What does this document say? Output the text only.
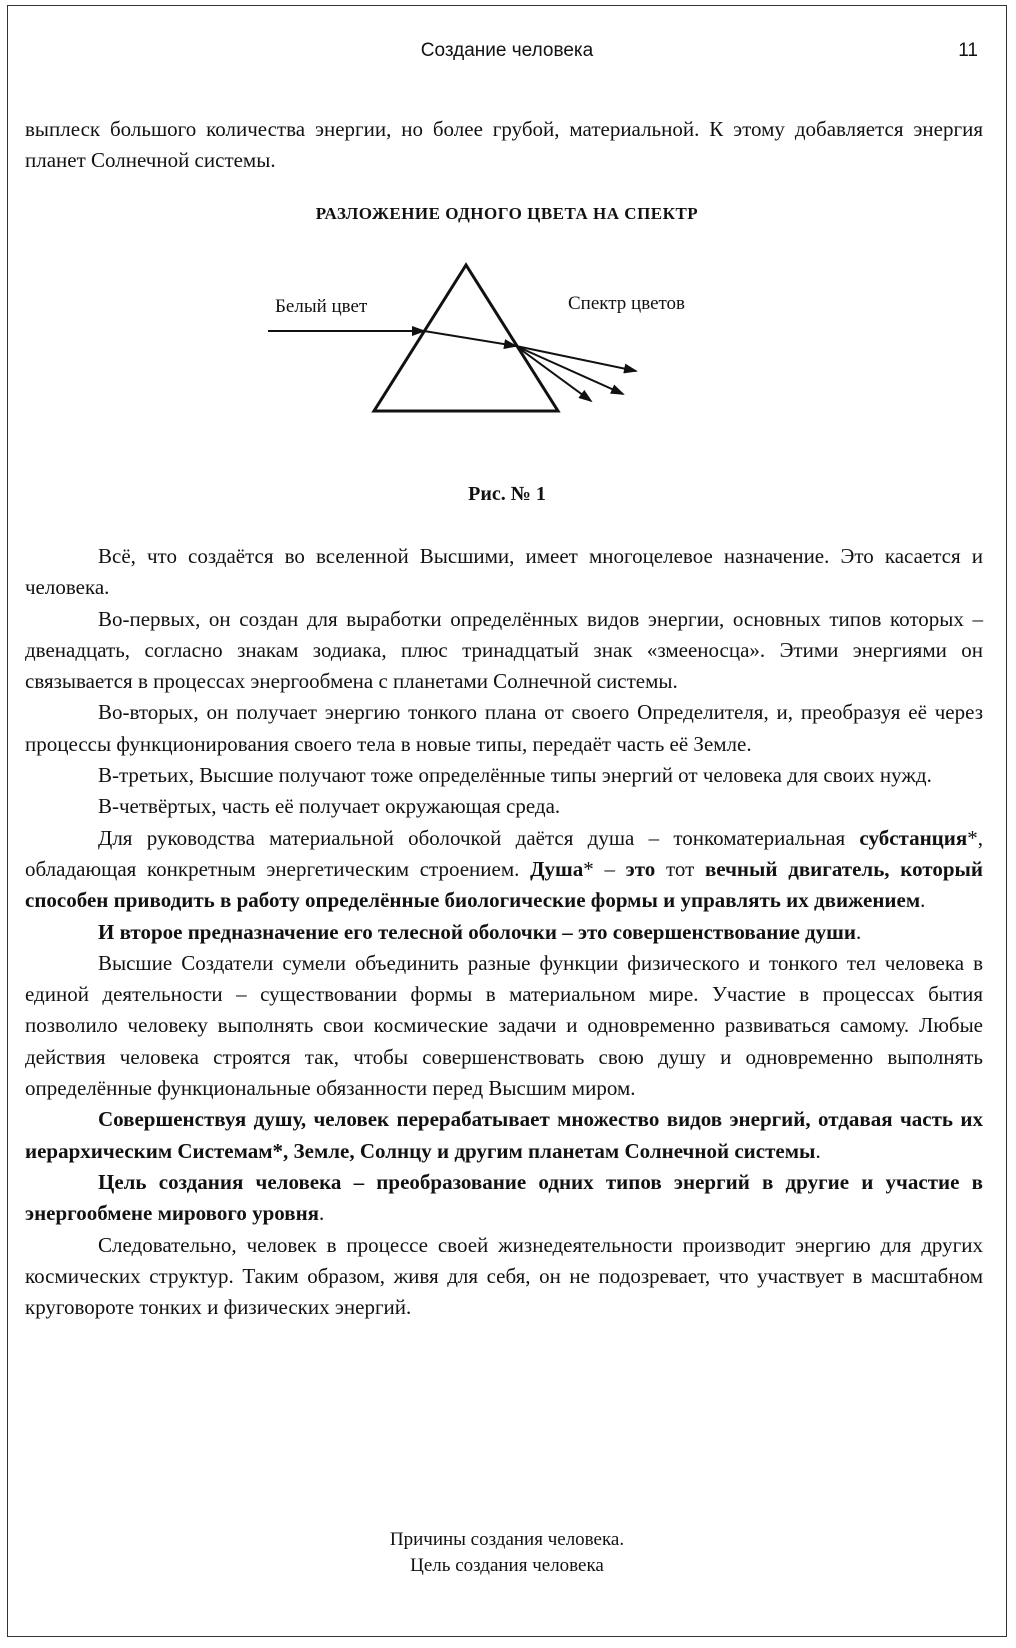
Создание человека	11

выплеск большого количества энергии, но более грубой, материальной. К этому добавляется энергия планет Солнечной системы.

РАЗЛОЖЕНИЕ ОДНОГО ЦВЕТА НА СПЕКТР
Белый цвет	Спектр цветов
Рис. № 1

Всё, что создаётся во вселенной Высшими, имеет многоцелевое назначение. Это касается и человека.

Во-первых, он создан для выработки определённых видов энергии, основных типов которых – двенадцать, согласно знакам зодиака, плюс тринадцатый знак «змееносца». Этими энергиями он связывается в процессах энергообмена с планетами Солнечной системы.

Во-вторых, он получает энергию тонкого плана от своего Определителя, и, преобразуя её через процессы функционирования своего тела в новые типы, передаёт часть её Земле.

В-третьих, Высшие получают тоже определённые типы энергий от человека для своих нужд.

В-четвёртых, часть её получает окружающая среда.

Для руководства материальной оболочкой даётся душа – тонкоматериальная субстанция*, обладающая конкретным энергетическим строением. Душа* – это тот вечный двигатель, который способен приводить в работу определённые биологические формы и управлять их движением.

И второе предназначение его телесной оболочки – это совершенствование души.

Высшие Создатели сумели объединить разные функции физического и тонкого тел человека в единой деятельности – существовании формы в материальном мире. Участие в процессах бытия позволило человеку выполнять свои космические задачи и одновременно развиваться самому. Любые действия человека строятся так, чтобы совершенствовать свою душу и одновременно выполнять определённые функциональные обязанности перед Высшим миром.

Совершенствуя душу, человек перерабатывает множество видов энергий, отдавая часть их иерархическим Системам*, Земле, Солнцу и другим планетам Солнечной системы.

Цель создания человека – преобразование одних типов энергий в другие и участие в энергообмене мирового уровня.

Следовательно, человек в процессе своей жизнедеятельности производит энергию для других космических структур. Таким образом, живя для себя, он не подозревает, что участвует в масштабном круговороте тонких и физических энергий.

Причины создания человека.
Цель создания человека
